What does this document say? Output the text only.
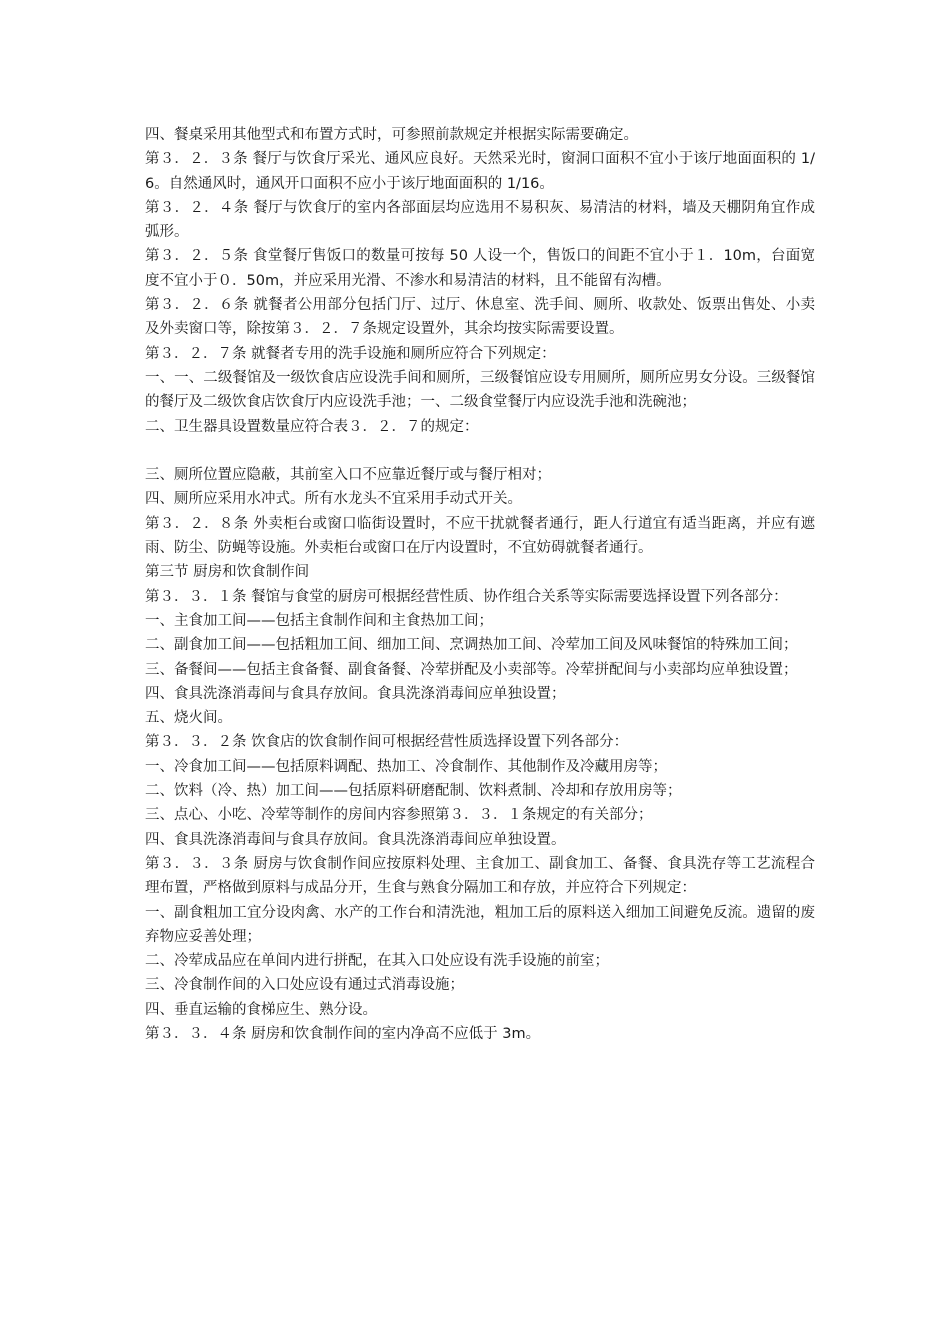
四、餐桌采用其他型式和布置方式时，可参照前款规定并根据实际需要确定。

第３．２．３条 餐厅与饮食厅采光、通风应良好。天然采光时，窗洞口面积不宜小于该厅地面面积的 1/6。自然通风时，通风开口面积不应小于该厅地面面积的 1/16。

第３．２．４条 餐厅与饮食厅的室内各部面层均应选用不易积灰、易清洁的材料，墙及天棚阴角宜作成弧形。

第３．２．５条 食堂餐厅售饭口的数量可按每 50 人设一个，售饭口的间距不宜小于１．10m，台面宽度不宜小于０．50m，并应采用光滑、不渗水和易清洁的材料，且不能留有沟槽。

第３．２．６条 就餐者公用部分包括门厅、过厅、休息室、洗手间、厕所、收款处、饭票出售处、小卖及外卖窗口等，除按第３．２．７条规定设置外，其余均按实际需要设置。

第３．２．７条 就餐者专用的洗手设施和厕所应符合下列规定：

一、一、二级餐馆及一级饮食店应设洗手间和厕所，三级餐馆应设专用厕所，厕所应男女分设。三级餐馆的餐厅及二级饮食店饮食厅内应设洗手池；一、二级食堂餐厅内应设洗手池和洗碗池；

二、卫生器具设置数量应符合表３．２．７的规定：

三、厕所位置应隐蔽，其前室入口不应靠近餐厅或与餐厅相对；

四、厕所应采用水冲式。所有水龙头不宜采用手动式开关。

第３．２．８条 外卖柜台或窗口临街设置时，不应干扰就餐者通行，距人行道宜有适当距离，并应有遮雨、防尘、防蝇等设施。外卖柜台或窗口在厅内设置时，不宜妨碍就餐者通行。

第三节 厨房和饮食制作间

第３．３．１条 餐馆与食堂的厨房可根据经营性质、协作组合关系等实际需要选择设置下列各部分：

一、主食加工间——包括主食制作间和主食热加工间；

二、副食加工间——包括粗加工间、细加工间、烹调热加工间、冷荤加工间及风味餐馆的特殊加工间；

三、备餐间——包括主食备餐、副食备餐、冷荤拼配及小卖部等。冷荤拼配间与小卖部均应单独设置；

四、食具洗涤消毒间与食具存放间。食具洗涤消毒间应单独设置；

五、烧火间。

第３．３．２条 饮食店的饮食制作间可根据经营性质选择设置下列各部分：

一、冷食加工间——包括原料调配、热加工、冷食制作、其他制作及冷藏用房等；

二、饮料（冷、热）加工间——包括原料研磨配制、饮料煮制、冷却和存放用房等；

三、点心、小吃、冷荤等制作的房间内容参照第３．３．１条规定的有关部分；

四、食具洗涤消毒间与食具存放间。食具洗涤消毒间应单独设置。

第３．３．３条 厨房与饮食制作间应按原料处理、主食加工、副食加工、备餐、食具洗存等工艺流程合理布置，严格做到原料与成品分开，生食与熟食分隔加工和存放，并应符合下列规定：

一、副食粗加工宜分设肉禽、水产的工作台和清洗池，粗加工后的原料送入细加工间避免反流。遗留的废弃物应妥善处理；

二、冷荤成品应在单间内进行拼配，在其入口处应设有洗手设施的前室；

三、冷食制作间的入口处应设有通过式消毒设施；

四、垂直运输的食梯应生、熟分设。

第３．３．４条 厨房和饮食制作间的室内净高不应低于 3m。
